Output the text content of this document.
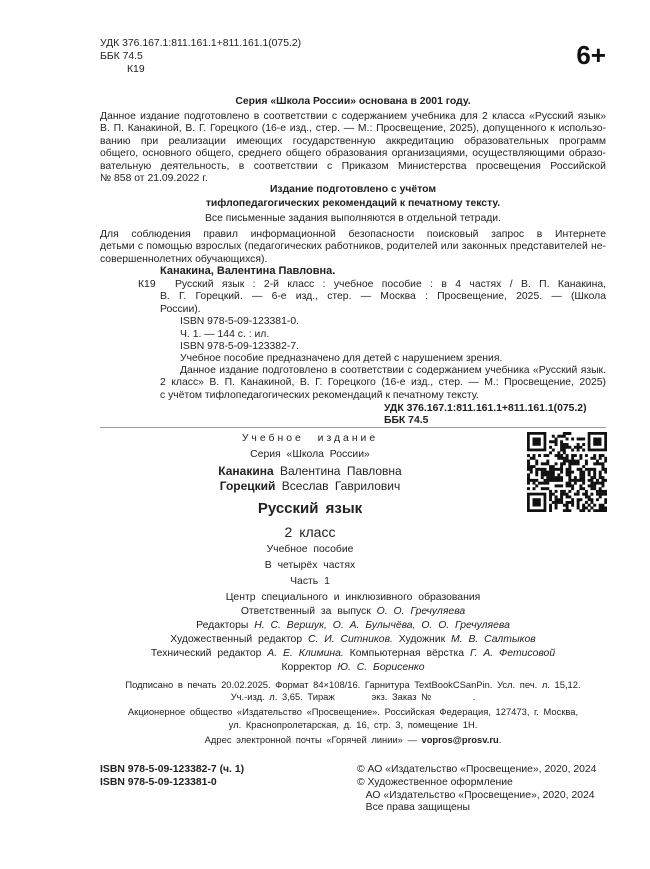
УДК 376.167.1:811.161.1+811.161.1(075.2)
ББК 74.5
К19	6+
Серия «Школа России» основана в 2001 году.
Данное издание подготовлено в соответствии с содержанием учебника для 2 класса «Русский язык»
В. П. Канакиной, В. Г. Горецкого (16-е изд., стер. — М.: Просвещение, 2025), допущенного к использо-
ванию при реализации имеющих государственную аккредитацию образовательных программ
общего, основного общего, среднего общего образования организациями, осуществляющими образо-
вательную деятельность, в соответствии с Приказом Министерства просвещения Российской
№ 858 от 21.09.2022 г.
Издание подготовлено с учётом
тифлопедагогических рекомендаций к печатному тексту.
Все письменные задания выполняются в отдельной тетради.
Для соблюдения правил информационной безопасности поисковый запрос в Интернете
детьми с помощью взрослых (педагогических работников, родителей или законных представителей не-
совершеннолетних обучающихся).
Канакина, Валентина Павловна.
К19 Русский язык : 2-й класс : учебное пособие : в 4 частях / В. П. Канакина,
В. Г. Горецкий. — 6-е изд., стер. — Москва : Просвещение, 2025. — (Школа
России).
ISBN 978-5-09-123381-0.
Ч. 1. — 144 с. : ил.
ISBN 978-5-09-123382-7.
Учебное пособие предназначено для детей с нарушением зрения.
Данное издание подготовлено в соответствии с содержанием учебника «Русский язык.
2 класс» В. П. Канакиной, В. Г. Горецкого (16-е изд., стер. — М.: Просвещение, 2025)
с учётом тифлопедагогических рекомендаций к печатному тексту.
УДК 376.167.1:811.161.1+811.161.1(075.2)
ББК 74.5
Учебное издание
Серия «Школа России»
Канакина Валентина Павловна
Горецкий Всеслав Гаврилович
Русский язык
2 класс
Учебное пособие
В четырёх частях
Часть 1
Центр специального и инклюзивного образования
Ответственный за выпуск О. О. Гречуляева
Редакторы Н. С. Вершук, О. А. Булычёва, О. О. Гречуляева
Художественный редактор С. И. Ситников. Художник М. В. Салтыков
Технический редактор А. Е. Климина. Компьютерная вёрстка Г. А. Фетисовой
Корректор Ю. С. Борисенко
Подписано в печать 20.02.2025. Формат 84×108/16. Гарнитура TextBookCSanPin. Усл. печ. л. 15,12.
Уч.-изд. л. 3,65. Тираж        экз. Заказ №         .
Акционерное общество «Издательство «Просвещение». Российская Федерация, 127473, г. Москва,
ул. Краснопролетарская, д. 16, стр. 3, помещение 1Н.
Адрес электронной почты «Горячей линии» — vopros@prosv.ru.
ISBN 978-5-09-123382-7 (ч. 1)
ISBN 978-5-09-123381-0
© АО «Издательство «Просвещение», 2020, 2024
© Художественное оформление
АО «Издательство «Просвещение», 2020, 2024
Все права защищены
